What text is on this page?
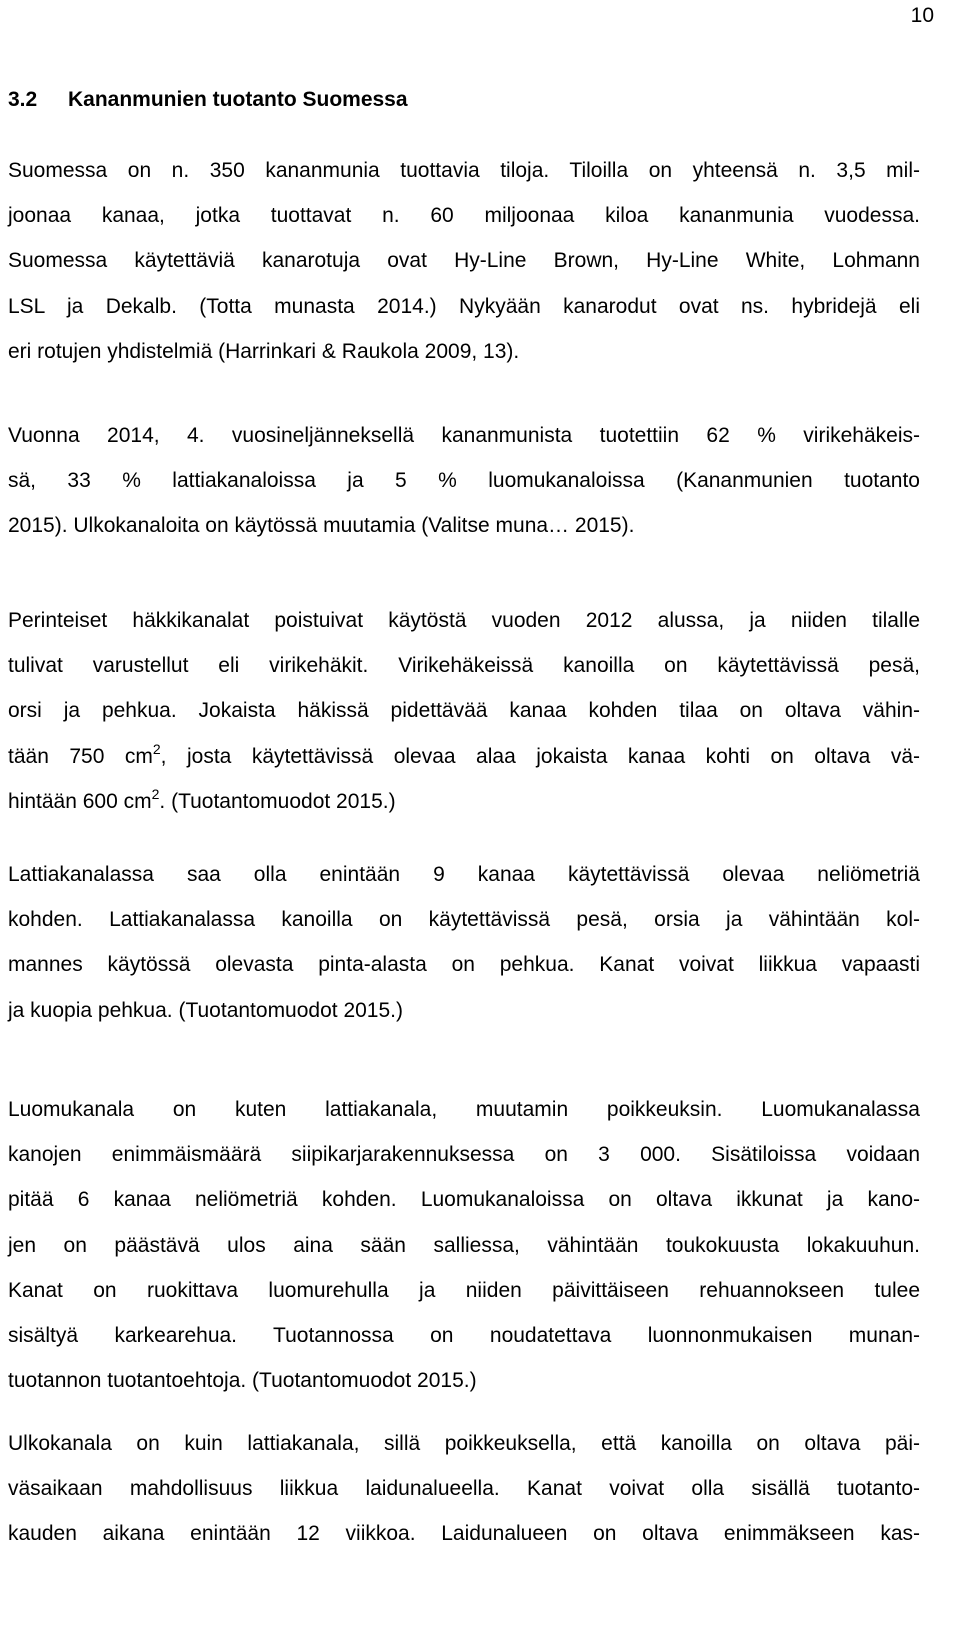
10
3.2 Kananmunien tuotanto Suomessa
Suomessa on n. 350 kananmunia tuottavia tiloja. Tiloilla on yhteensä n. 3,5 mil-
joonaa kanaa, jotka tuottavat n. 60 miljoonaa kiloa kananmunia vuodessa.
Suomessa käytettäviä kanarotuja ovat Hy-Line Brown, Hy-Line White, Lohmann
LSL ja Dekalb. (Totta munasta 2014.) Nykyään kanarodut ovat ns. hybridejä eli
eri rotujen yhdistelmiä (Harrinkari & Raukola 2009, 13).
Vuonna 2014, 4. vuosineljänneksellä kananmunista tuotettiin 62 % virikehäkeis-
sä, 33 % lattiakanaloissa ja 5 % luomukanaloissa (Kananmunien tuotanto
2015). Ulkokanaloita on käytössä muutamia (Valitse muna… 2015).
Perinteiset häkkikanalat poistuivat käytöstä vuoden 2012 alussa, ja niiden tilalle
tulivat varustellut eli virikehäkit. Virikehäkeissä kanoilla on käytettävissä pesä,
orsi ja pehkua. Jokaista häkissä pidettävää kanaa kohden tilaa on oltava vähin-
tään 750 $cm^2$, josta käytettävissä olevaa alaa jokaista kanaa kohti on oltava vä-
hintään 600 $cm^2$. (Tuotantomuodot 2015.)
Lattiakanalassa saa olla enintään 9 kanaa käytettävissä olevaa neliömetriä
kohden. Lattiakanalassa kanoilla on käytettävissä pesä, orsia ja vähintään kol-
mannes käytössä olevasta pinta-alasta on pehkua. Kanat voivat liikkua vapaasti
ja kuopia pehkua. (Tuotantomuodot 2015.)
Luomukanala on kuten lattiakanala, muutamin poikkeuksin. Luomukanalassa
kanojen enimmäismäärä siipikarjarakennuksessa on 3 000. Sisätiloissa voidaan
pitää 6 kanaa neliömetriä kohden. Luomukanaloissa on oltava ikkunat ja kano-
jen on päästävä ulos aina sään salliessa, vähintään toukokuusta lokakuuhun.
Kanat on ruokittava luomurehulla ja niiden päivittäiseen rehuannokseen tulee
sisältyä karkearehua. Tuotannossa on noudatettava luonnonmukaisen munan-
tuotannon tuotantoehtoja. (Tuotantomuodot 2015.)
Ulkokanala on kuin lattiakanala, sillä poikkeuksella, että kanoilla on oltava päi-
väsaikaan mahdollisuus liikkua laidunalueella. Kanat voivat olla sisällä tuotanto-
kauden aikana enintään 12 viikkoa. Laidunalueen on oltava enimmäkseen kas-
